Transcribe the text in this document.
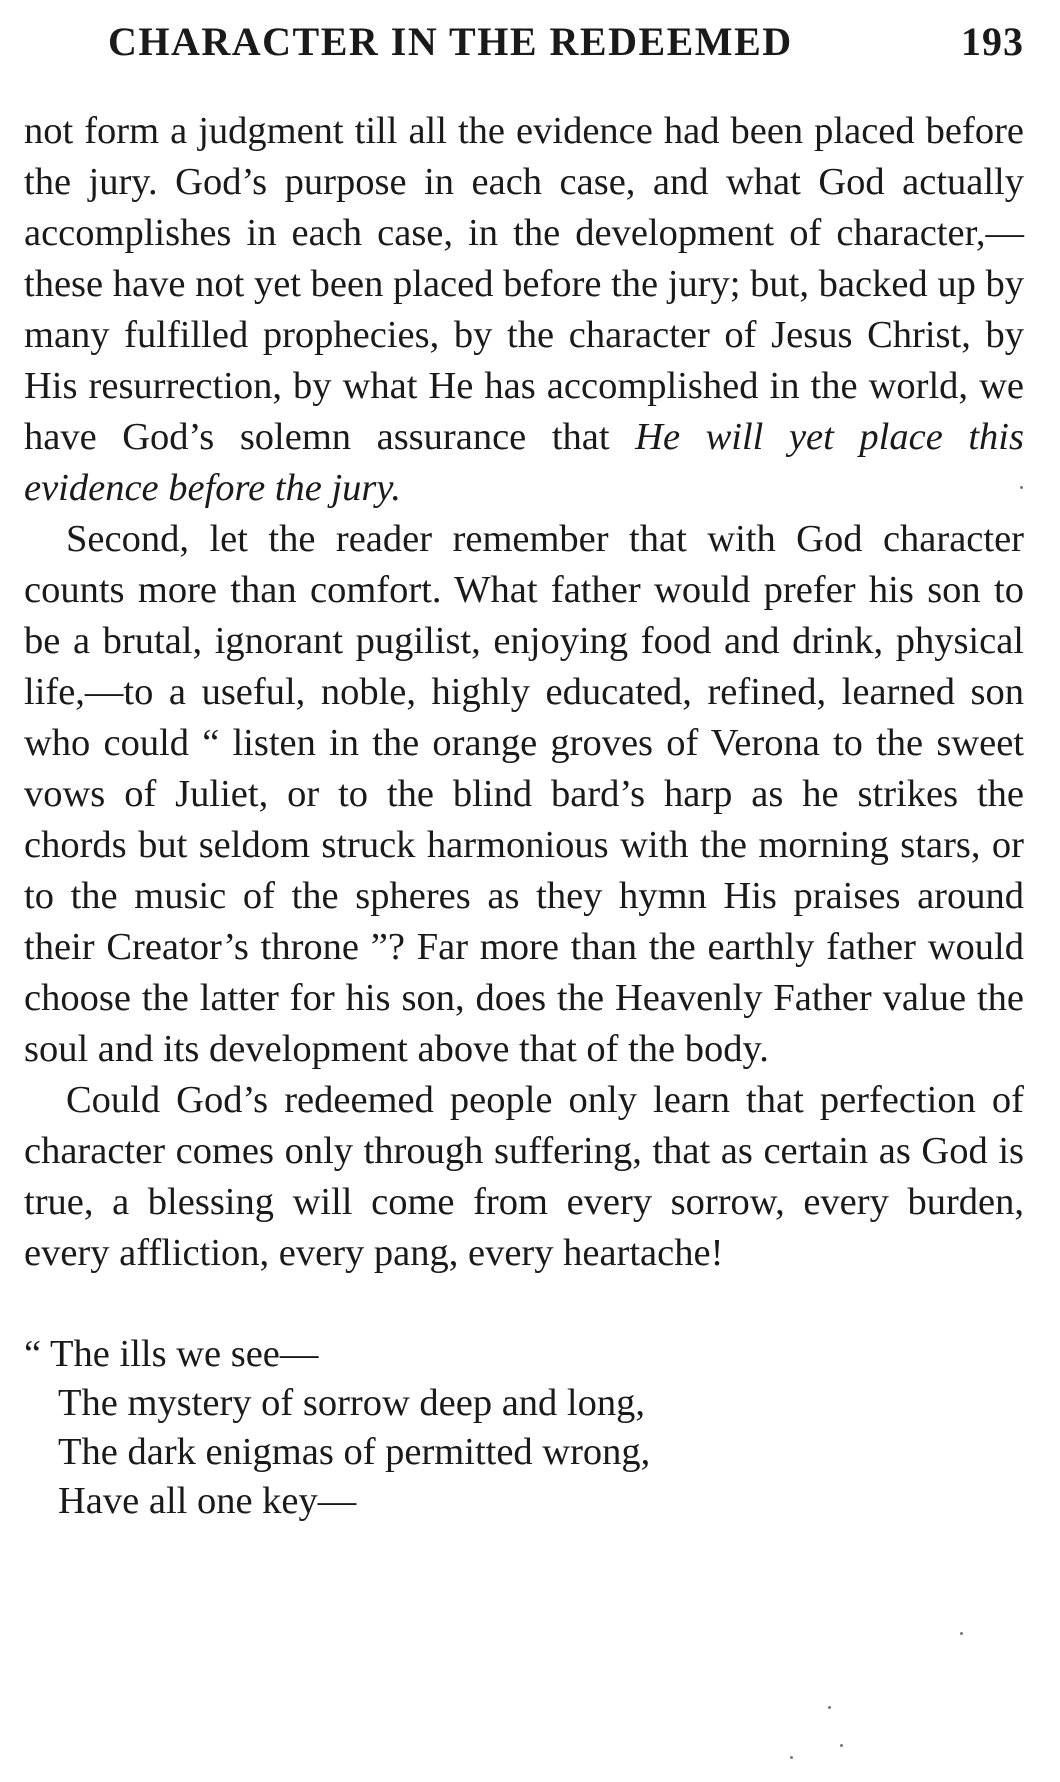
CHARACTER IN THE REDEEMED	193

not form a judgment till all the evidence had been placed before the jury. God’s purpose in each case, and what God actually accomplishes in each case, in the development of character,—these have not yet been placed before the jury; but, backed up by many fulfilled prophecies, by the character of Jesus Christ, by His resurrection, by what He has accomplished in the world, we have God’s solemn assurance that He will yet place this evidence before the jury.

Second, let the reader remember that with God character counts more than comfort. What father would prefer his son to be a brutal, ignorant pugilist, enjoying food and drink, physical life,—to a useful, noble, highly educated, refined, learned son who could “ listen in the orange groves of Verona to the sweet vows of Juliet, or to the blind bard’s harp as he strikes the chords but seldom struck harmonious with the morning stars, or to the music of the spheres as they hymn His praises around their Creator’s throne ”? Far more than the earthly father would choose the latter for his son, does the Heavenly Father value the soul and its development above that of the body.

Could God’s redeemed people only learn that perfection of character comes only through suffering, that as certain as God is true, a blessing will come from every sorrow, every burden, every affliction, every pang, every heartache!

“ The ills we see—
The mystery of sorrow deep and long,
The dark enigmas of permitted wrong,
Have all one key—
